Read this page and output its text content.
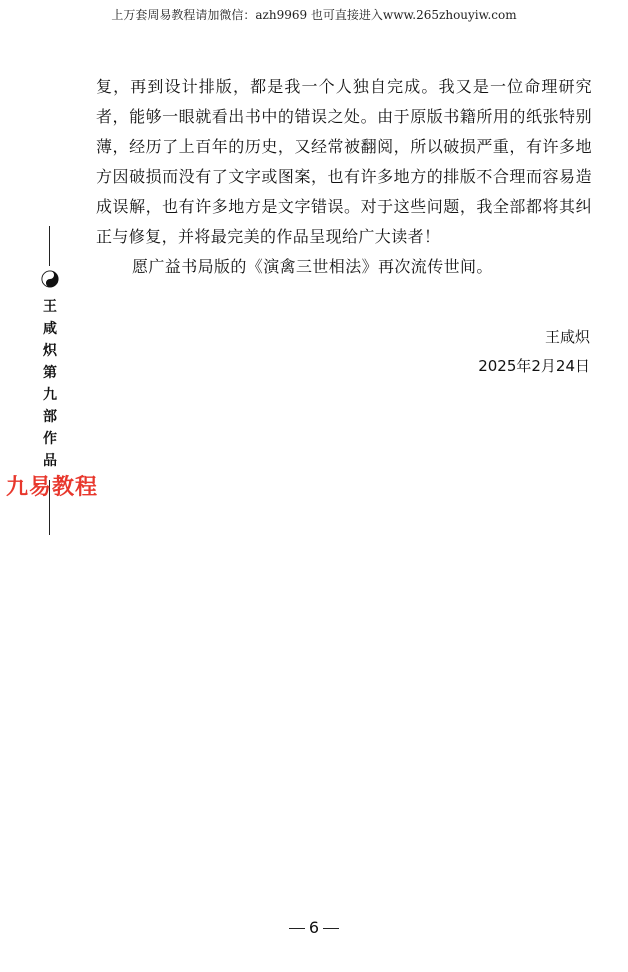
上万套周易教程请加微信：azh9969 也可直接进入www.265zhouyiw.com

复，再到设计排版，都是我一个人独自完成。我又是一位命理研究者，能够一眼就看出书中的错误之处。由于原版书籍所用的纸张特别薄，经历了上百年的历史，又经常被翻阅，所以破损严重，有许多地方因破损而没有了文字或图案，也有许多地方的排版不合理而容易造成误解，也有许多地方是文字错误。对于这些问题，我全部都将其纠正与修复，并将最完美的作品呈现给广大读者！

愿广益书局版的《演禽三世相法》再次流传世间。

王咸炽
2025年2月24日
王
咸
炽
第
九
部
作
品
九易教程
6
